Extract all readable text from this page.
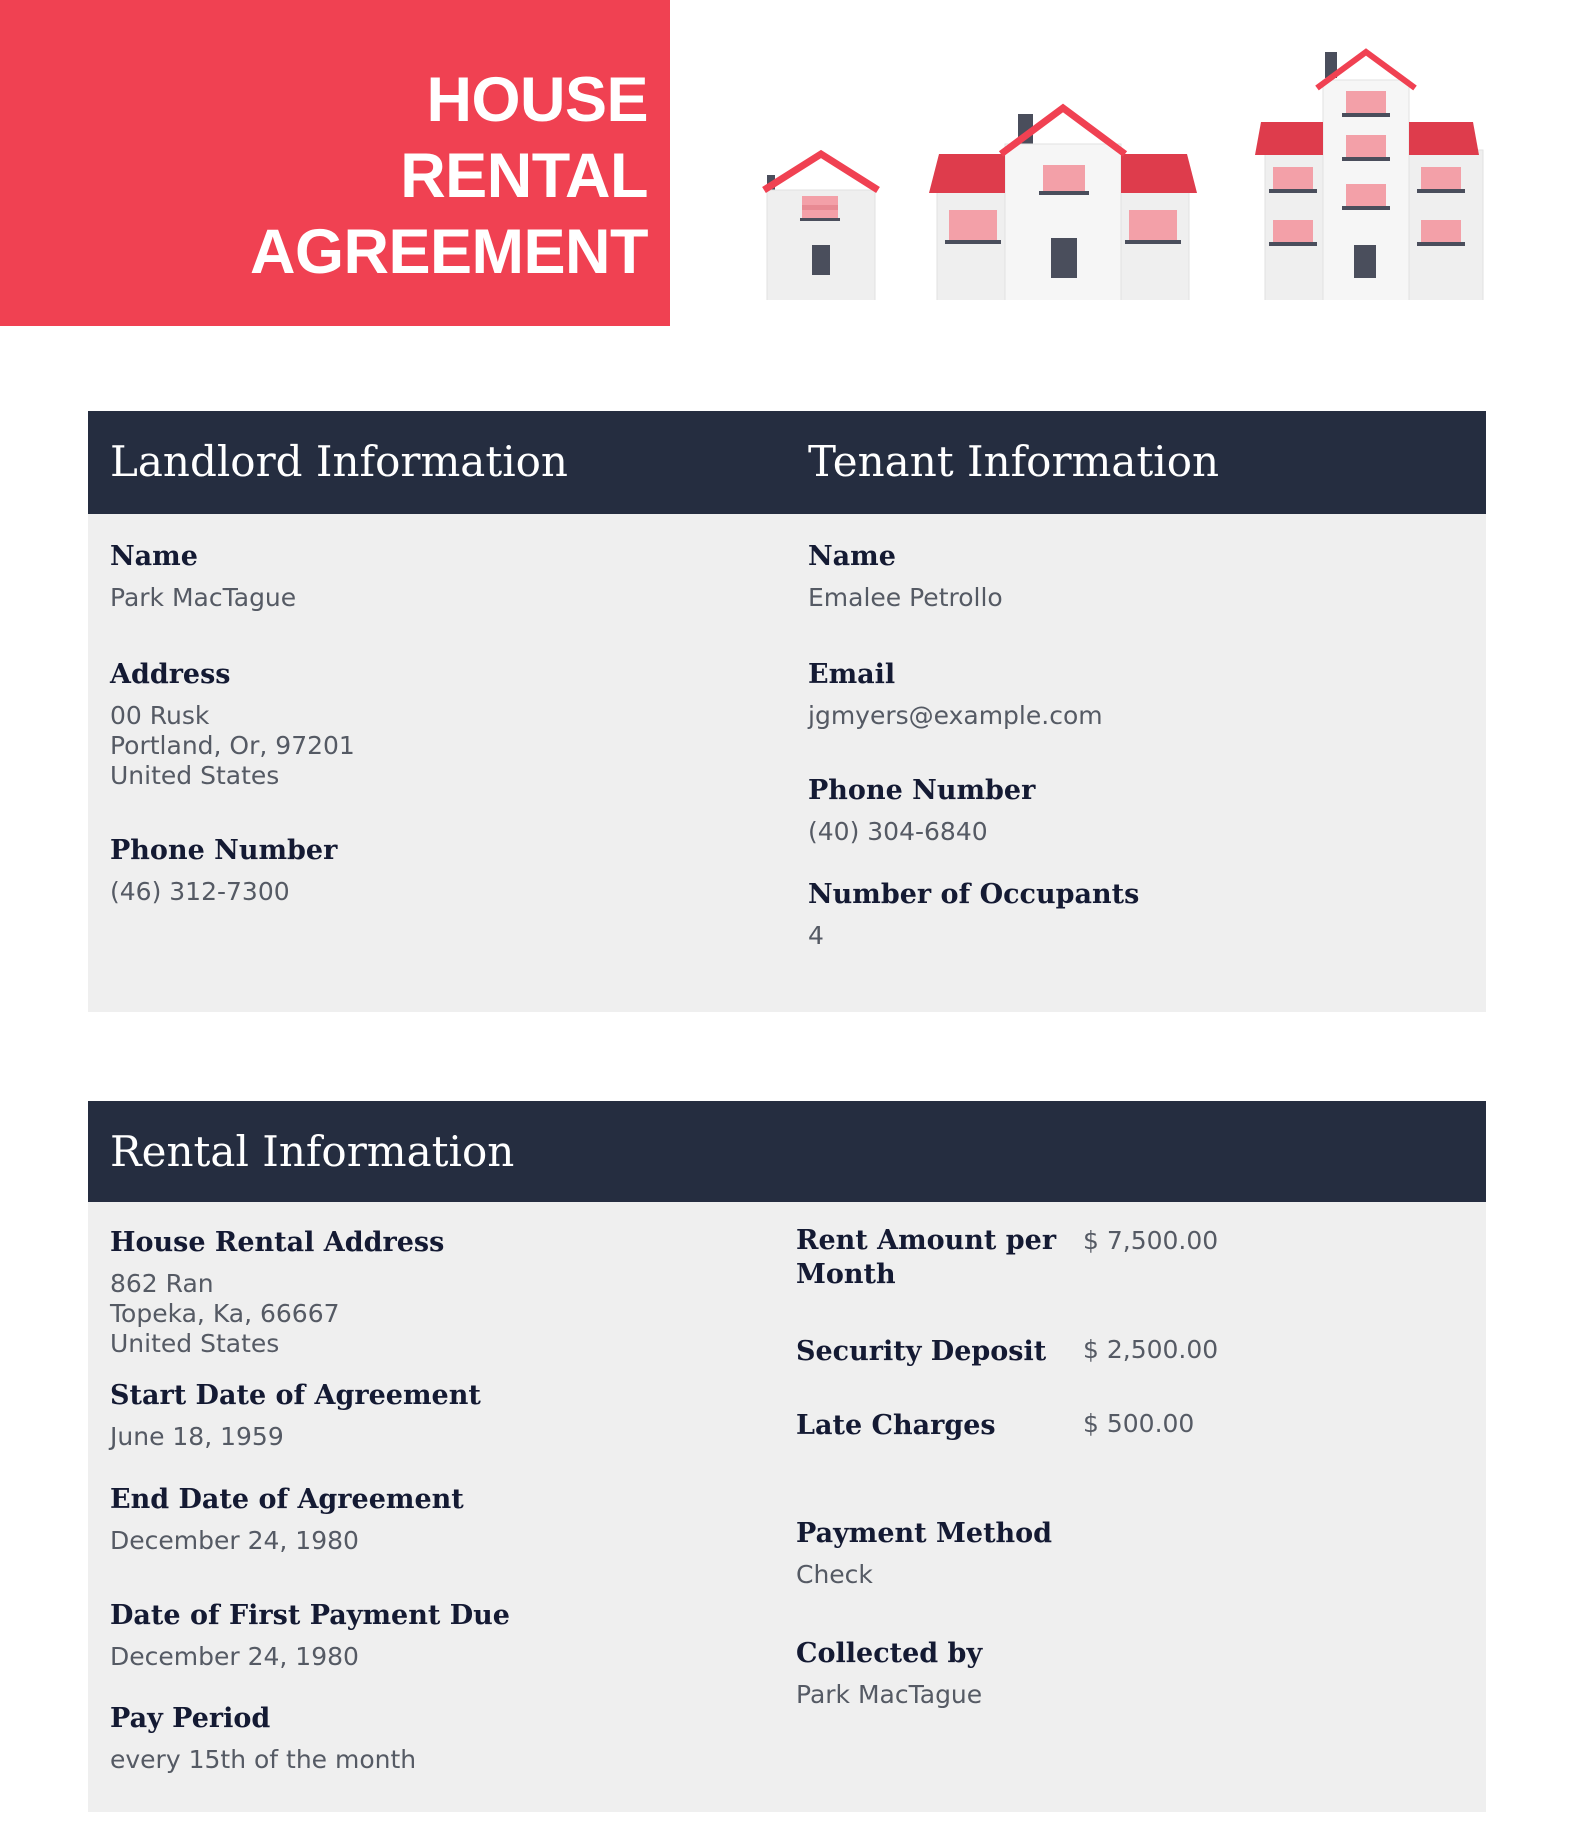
HOUSE
RENTAL
AGREEMENT
Landlord Information	Tenant Information
Name
Park MacTague
Address
00 Rusk
Portland, Or, 97201
United States
Phone Number
(46) 312-7300
Name
Emalee Petrollo
Email
jgmyers@example.com
Phone Number
(40) 304-6840
Number of Occupants
4
Rental Information
House Rental Address
862 Ran
Topeka, Ka, 66667
United States
Start Date of Agreement
June 18, 1959
End Date of Agreement
December 24, 1980
Date of First Payment Due
December 24, 1980
Pay Period
every 15th of the month
Rent Amount per
Month
$ 7,500.00
Security Deposit $ 2,500.00
Late Charges	$ 500.00
Payment Method
Check
Collected by
Park MacTague
